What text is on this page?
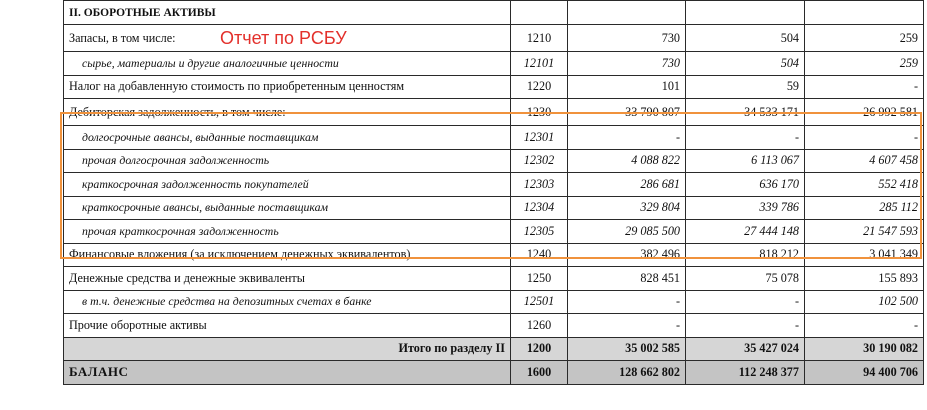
II. ОБОРОТНЫЕ АКТИВЫ				
Запасы, в том числе:	1210	730	504	259
сырье, материалы и другие аналогичные ценности	12101	730	504	259
Налог на добавленную стоимость по приобретенным ценностям	1220	101	59	-
Дебиторская задолженность, в том числе:	1230	33 790 807	34 533 171	26 992 581
долгосрочные авансы, выданные поставщикам	12301	-	-	-
прочая долгосрочная задолженность	12302	4 088 822	6 113 067	4 607 458
краткосрочная задолженность покупателей	12303	286 681	636 170	552 418
краткосрочные авансы, выданные поставщикам	12304	329 804	339 786	285 112
прочая краткосрочная задолженность	12305	29 085 500	27 444 148	21 547 593
Финансовые вложения (за исключением денежных эквивалентов)	1240	382 496	818 212	3 041 349
Денежные средства и денежные эквиваленты	1250	828 451	75 078	155 893
в т.ч. денежные средства на депозитных счетах в банке	12501	-	-	102 500
Прочие оборотные активы	1260	-	-	-
Итого по разделу II	1200	35 002 585	35 427 024	30 190 082
БАЛАНС	1600	128 662 802	112 248 377	94 400 706
Отчет по РСБУ
